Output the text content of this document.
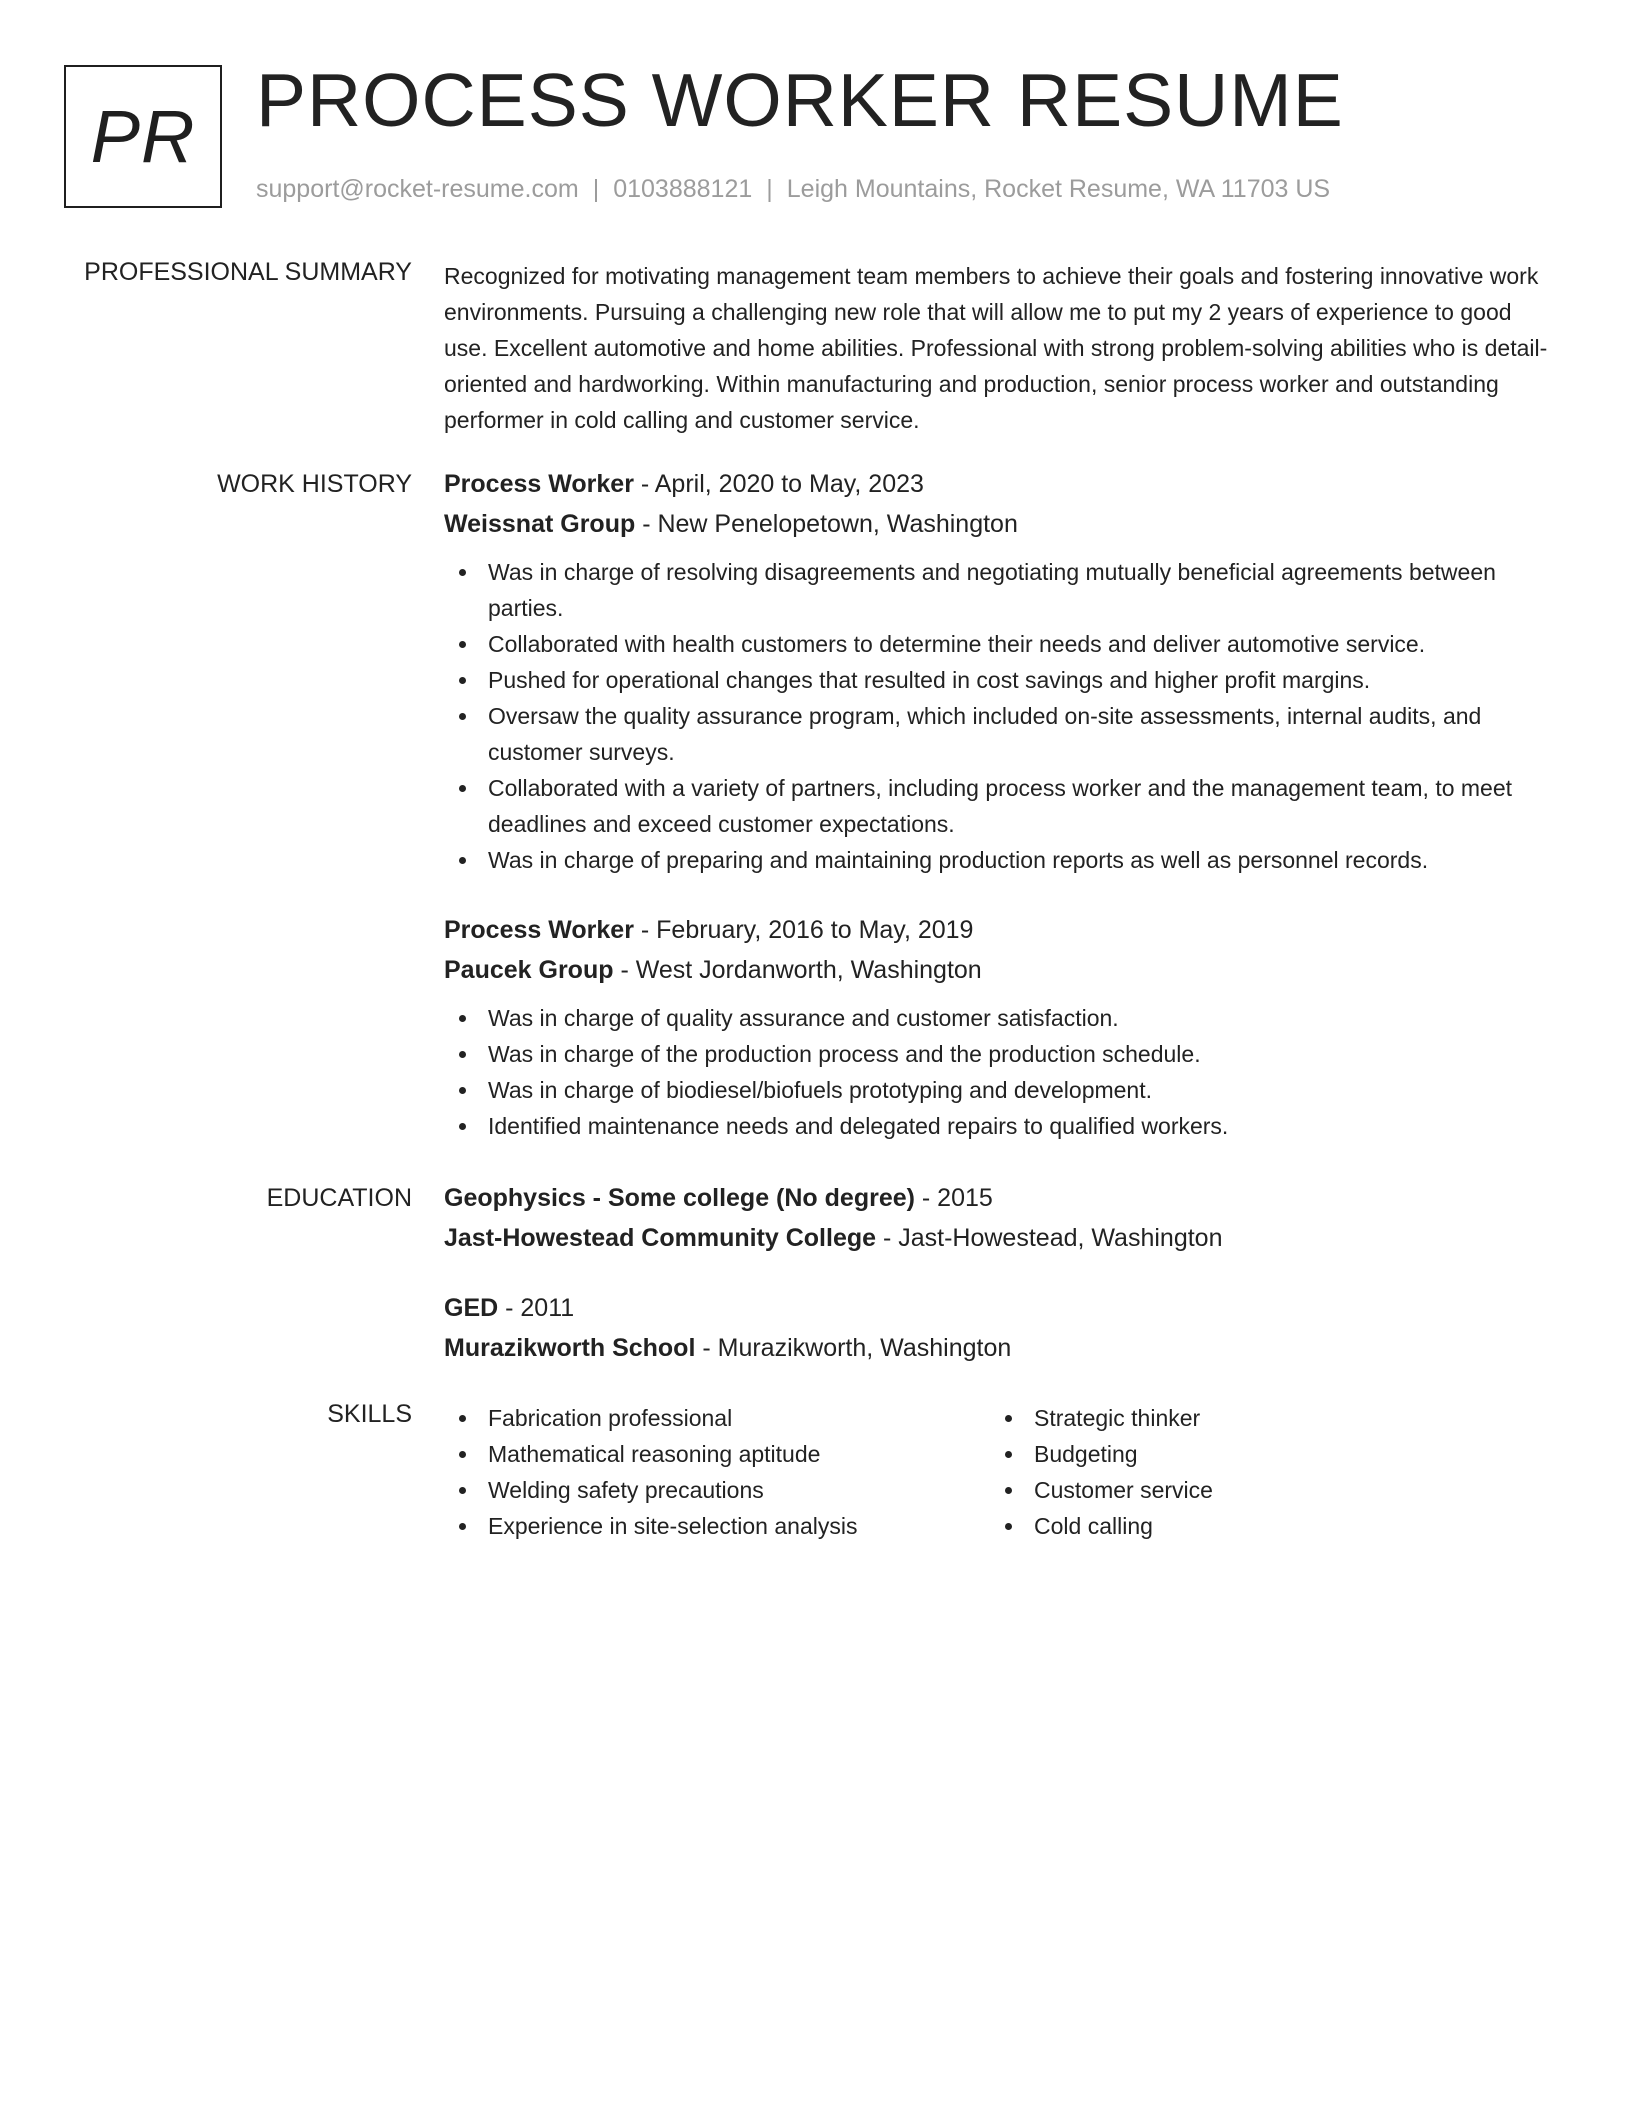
PR PROCESS WORKER RESUME
support@rocket-resume.com | 0103888121 | Leigh Mountains, Rocket Resume, WA 11703 US
PROFESSIONAL SUMMARY Recognized for motivating management team members to achieve their goals and fostering innovative work environments. Pursuing a challenging new role that will allow me to put my 2 years of experience to good use. Excellent automotive and home abilities. Professional with strong problem-solving abilities who is detail-oriented and hardworking. Within manufacturing and production, senior process worker and outstanding performer in cold calling and customer service.

WORK HISTORY Process Worker - April, 2020 to May, 2023
Weissnat Group - New Penelopetown, Washington
Was in charge of resolving disagreements and negotiating mutually beneficial agreements between parties.
Collaborated with health customers to determine their needs and deliver automotive service.
Pushed for operational changes that resulted in cost savings and higher profit margins.
Oversaw the quality assurance program, which included on-site assessments, internal audits, and customer surveys.
Collaborated with a variety of partners, including process worker and the management team, to meet deadlines and exceed customer expectations.
Was in charge of preparing and maintaining production reports as well as personnel records.
Process Worker - February, 2016 to May, 2019
Paucek Group - West Jordanworth, Washington
Was in charge of quality assurance and customer satisfaction.
Was in charge of the production process and the production schedule.
Was in charge of biodiesel/biofuels prototyping and development.
Identified maintenance needs and delegated repairs to qualified workers.
EDUCATION Geophysics - Some college (No degree) - 2015
Jast-Howestead Community College - Jast-Howestead, Washington
GED - 2011
Murazikworth School - Murazikworth, Washington
SKILLS	Fabrication professional
Mathematical reasoning aptitude
Welding safety precautions
Experience in site-selection analysis
Strategic thinker
Budgeting
Customer service
Cold calling
